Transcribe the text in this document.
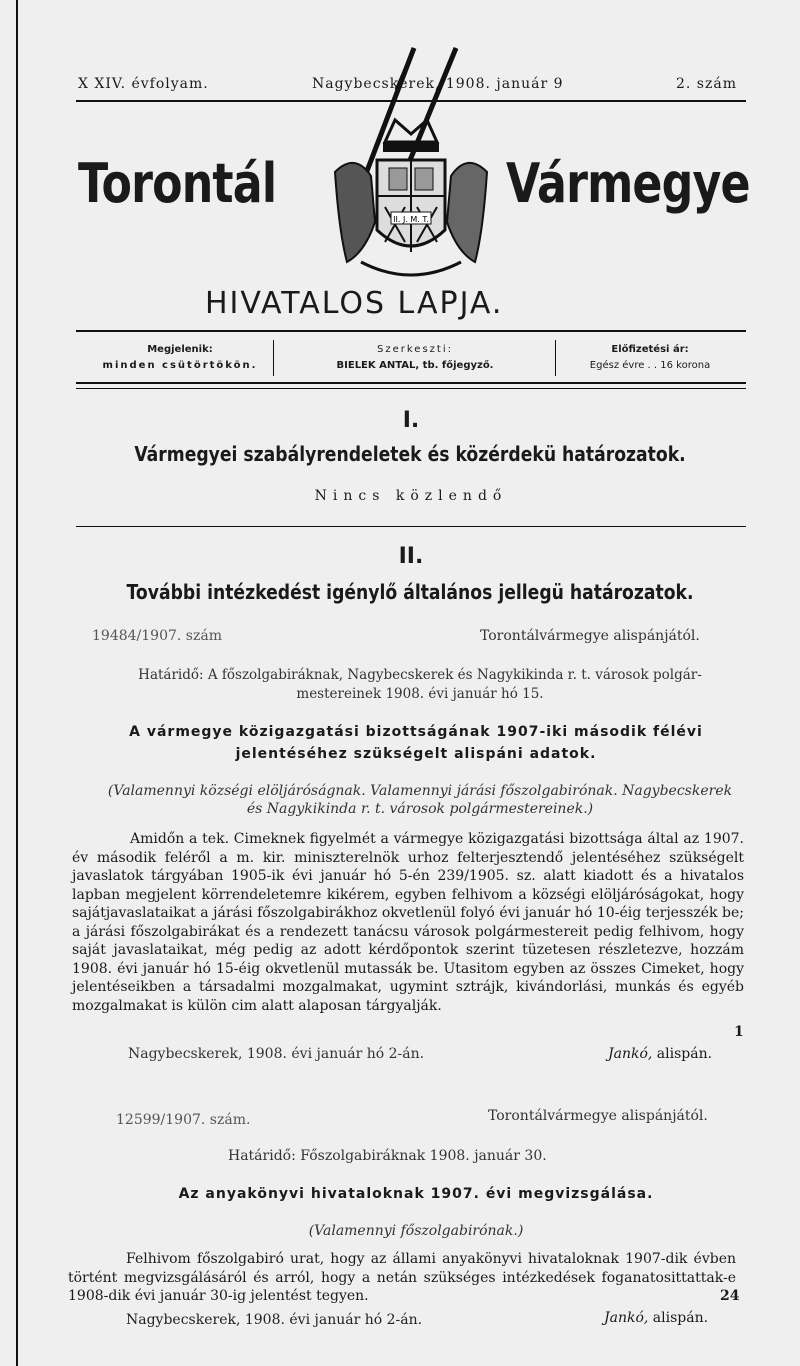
X XIV. évfolyam.	Nagybecskerek, 1908. január 9	2. szám
Torontál	Vármegye
II. J. M. T.
HIVATALOS LAPJA.
Megjelenik:
minden csütörtökön.
Szerkeszti:
BIELEK ANTAL, tb. főjegyző.
Előfizetési ár:
Egész évre . . 16 korona
I.
Vármegyei szabályrendeletek és közérdekü határozatok.
Nincs közlendő
II.
További intézkedést igénylő általános jellegü határozatok.
19484/1907. szám	Torontálvármegye alispánjától.
Határidő: A főszolgabiráknak, Nagybecskerek és Nagykikinda r. t. városok polgár-mestereinek 1908. évi január hó 15.
A vármegye közigazgatási bizottságának 1907-iki második félévi
jelentéséhez szükségelt alispáni adatok.
(Valamennyi községi elöljáróságnak. Valamennyi járási főszolgabirónak. Nagybecskerek
és Nagykikinda r. t. városok polgármestereinek.)
Amidőn a tek. Cimeknek figyelmét a vármegye közigazgatási bizottsága által az 1907. év második feléről a m. kir. miniszterelnök urhoz felterjesztendő jelentéséhez szükségelt javaslatok tárgyában 1905-ik évi január hó 5-én 239/1905. sz. alatt kiadott és a hivatalos lapban megjelent körrendeletemre kikérem, egyben felhivom a községi elöljáróságokat, hogy sajátjavaslataikat a járási főszolgabirákhoz okvetlenül folyó évi január hó 10-éig terjesszék be; a járási főszolgabirákat és a rendezett tanácsu városok polgármestereit pedig felhivom, hogy saját javaslataikat, még pedig az adott kérdőpontok szerint tüzetesen részletezve, hozzám 1908. évi január hó 15-éig okvetlenül mutassák be. Utasitom egyben az összes Cimeket, hogy jelentéseikben a társadalmi mozgalmakat, ugymint sztrájk, kivándorlási, munkás és egyéb mozgalmakat is külön cim alatt alaposan tárgyalják.
1
Nagybecskerek, 1908. évi január hó 2-án.	Jankó, alispán.
12599/1907. szám.	Torontálvármegye alispánjától.
Határidő: Főszolgabiráknak 1908. január 30.
Az anyakönyvi hivataloknak 1907. évi megvizsgálása.
(Valamennyi főszolgabirónak.)
Felhivom főszolgabiró urat, hogy az állami anyakönyvi hivataloknak 1907-dik évben történt megvizsgálásáról és arról, hogy a netán szükséges intézkedések foganatosittattak-e 1908-dik évi január 30-ig jelentést tegyen.	24
Nagybecskerek, 1908. évi január hó 2-án.	Jankó, alispán.
